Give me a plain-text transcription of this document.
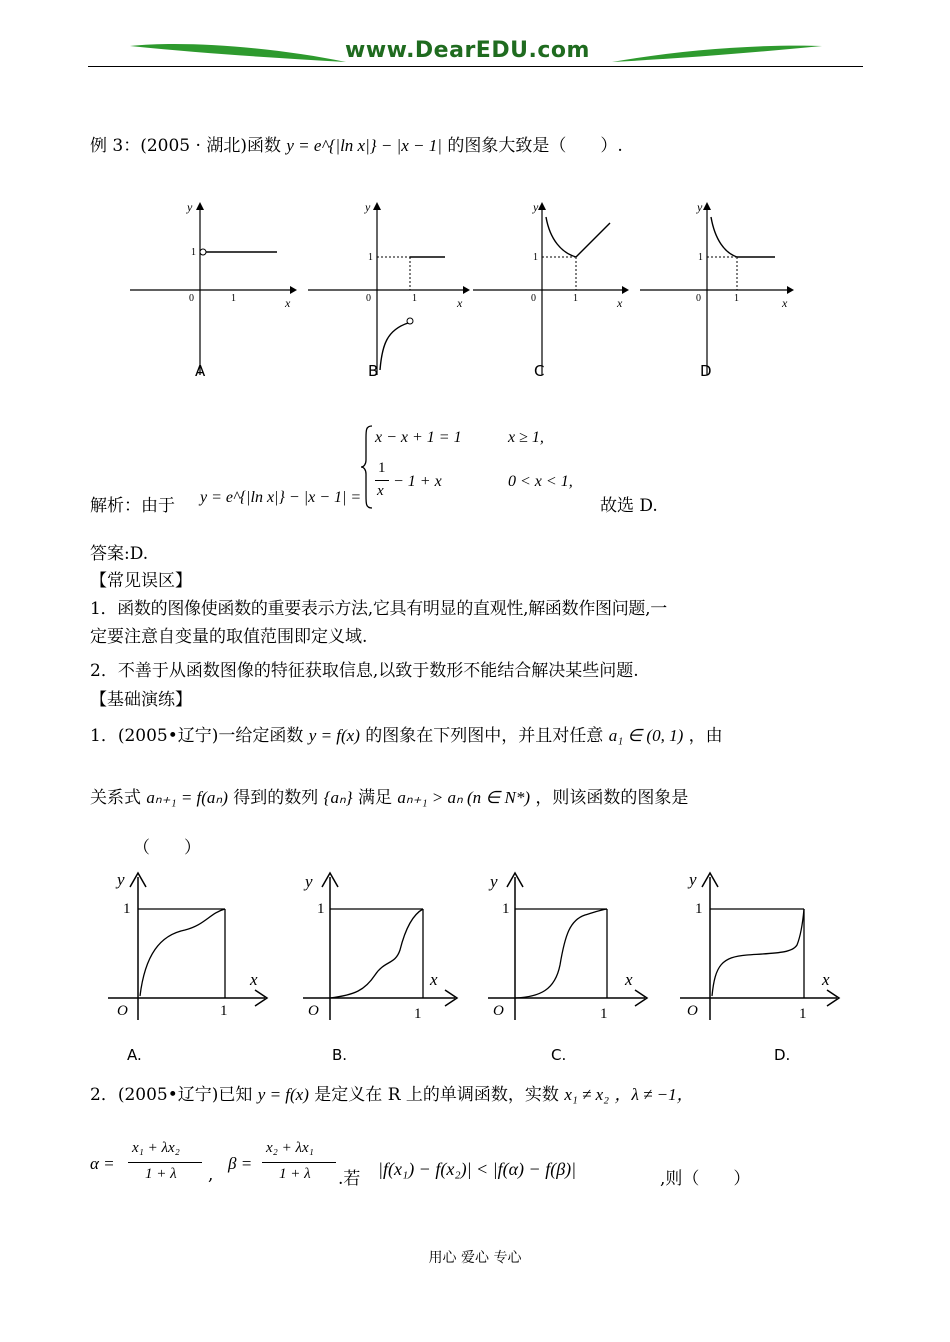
www.DearEDU.com
例 3：(2005 · 湖北)函数 y = e^{|ln x|} − |x − 1| 的图象大致是（　　）.
y
x
0	1
1
A
y
x
0	1
1
B
y
x
0	1
1
C
y
x
0	1
1
D
解析：由于 y = e^{|ln x|} − |x − 1| =
x − x + 1 = 1	x ≥ 1,
1
x
− 1 + x	0 < x < 1,
故选 D.
答案:D.
【常见误区】
1．函数的图像使函数的重要表示方法,它具有明显的直观性,解函数作图问题,一
定要注意自变量的取值范围即定义域.
2．不善于从函数图像的特征获取信息,以致于数形不能结合解决某些问题.
【基础演练】
1．(2005•辽宁)一给定函数 y = f(x) 的图象在下列图中，并且对任意 a₁ ∈ (0, 1) ，由
关系式 aₙ₊₁ = f(aₙ) 得到的数列 {aₙ} 满足 aₙ₊₁ > aₙ (n ∈ N*) ，则该函数的图象是
（　　）
y
x
O	1
1
A.
y
x
O	1
1
B.
y
x
O	1
1
C.
y
x
O	1
1
D.
2．(2005•辽宁)已知 y = f(x) 是定义在 R 上的单调函数，实数 x₁ ≠ x₂ ，λ ≠ −1，
α =
x₁ + λx₂
1 + λ ,
β =
x₂ + λx₁
1 + λ .若 |f(x₁) − f(x₂)| < |f(α) − f(β)|	,则（　　）
用心 爱心 专心
